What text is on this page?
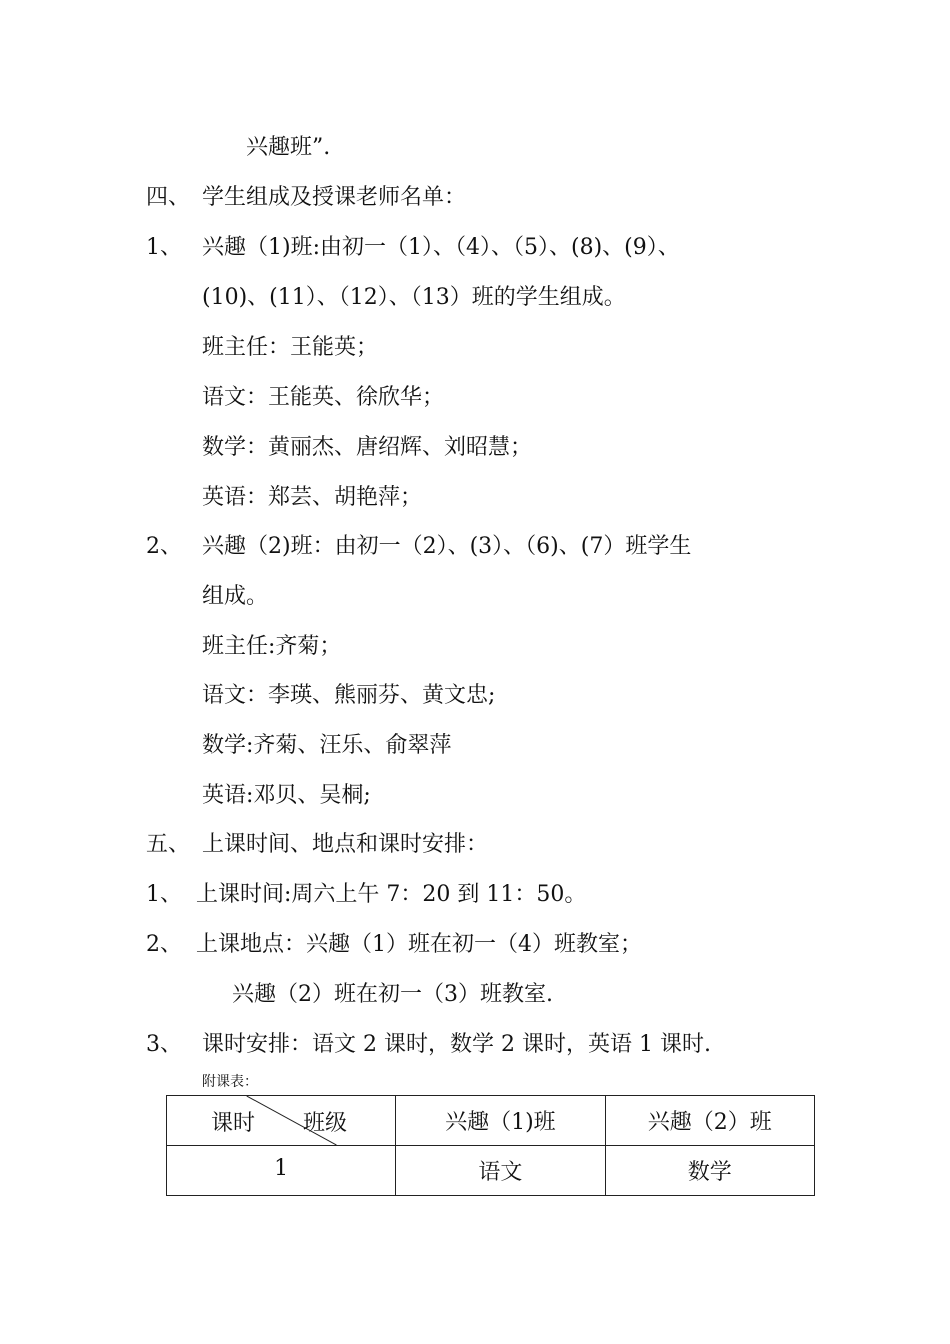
兴趣班”.
四、 学生组成及授课老师名单：
1、 兴趣（1)班:由初一（1）、（4）、（5）、(8)、(9）、
(10)、(11）、（12）、（13）班的学生组成。
班主任：王能英；
语文：王能英、徐欣华；
数学：黄丽杰、唐绍辉、刘昭慧；
英语：郑芸、胡艳萍；
2、 兴趣（2)班：由初一（2）、(3）、（6)、(7）班学生
组成。
班主任:齐菊；
语文：李瑛、熊丽芬、黄文忠;
数学:齐菊、汪乐、俞翠萍
英语:邓贝、吴桐;
五、 上课时间、地点和课时安排：
1、 上课时间:周六上午 7：20 到 11：50。
2、 上课地点：兴趣（1）班在初一（4）班教室；
兴趣（2）班在初一（3）班教室.
3、 课时安排：语文 2 课时，数学 2 课时，英语 1 课时.
附课表：
课时 班级	兴趣（1)班	兴趣（2）班
1	语文	数学
